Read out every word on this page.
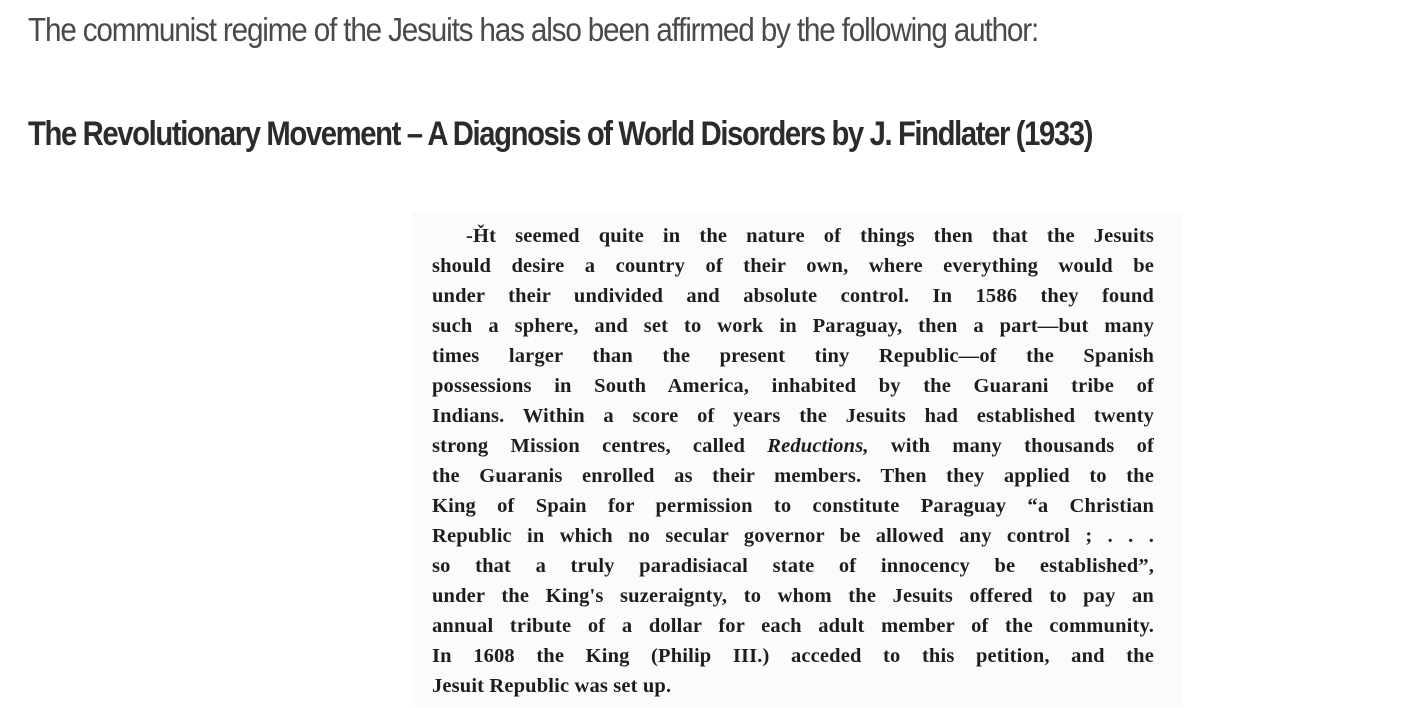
The communist regime of the Jesuits has also been affirmed by the following author:

The Revolutionary Movement – A Diagnosis of World Disorders by J. Findlater (1933)
-Ȟt seemed quite in the nature of things then that the Jesuits
should desire a country of their own, where everything would be
under their undivided and absolute control. In 1586 they found
such a sphere, and set to work in Paraguay, then a part—but many
times larger than the present tiny Republic—of the Spanish
possessions in South America, inhabited by the Guarani tribe of
Indians. Within a score of years the Jesuits had established twenty
strong Mission centres, called Reductions, with many thousands of
the Guaranis enrolled as their members. Then they applied to the
King of Spain for permission to constitute Paraguay “a Christian
Republic in which no secular governor be allowed any control ; . . .
so that a truly paradisiacal state of innocency be established”,
under the King's suzeraignty, to whom the Jesuits offered to pay an
annual tribute of a dollar for each adult member of the community.
In 1608 the King (Philip III.) acceded to this petition, and the
Jesuit Republic was set up.
